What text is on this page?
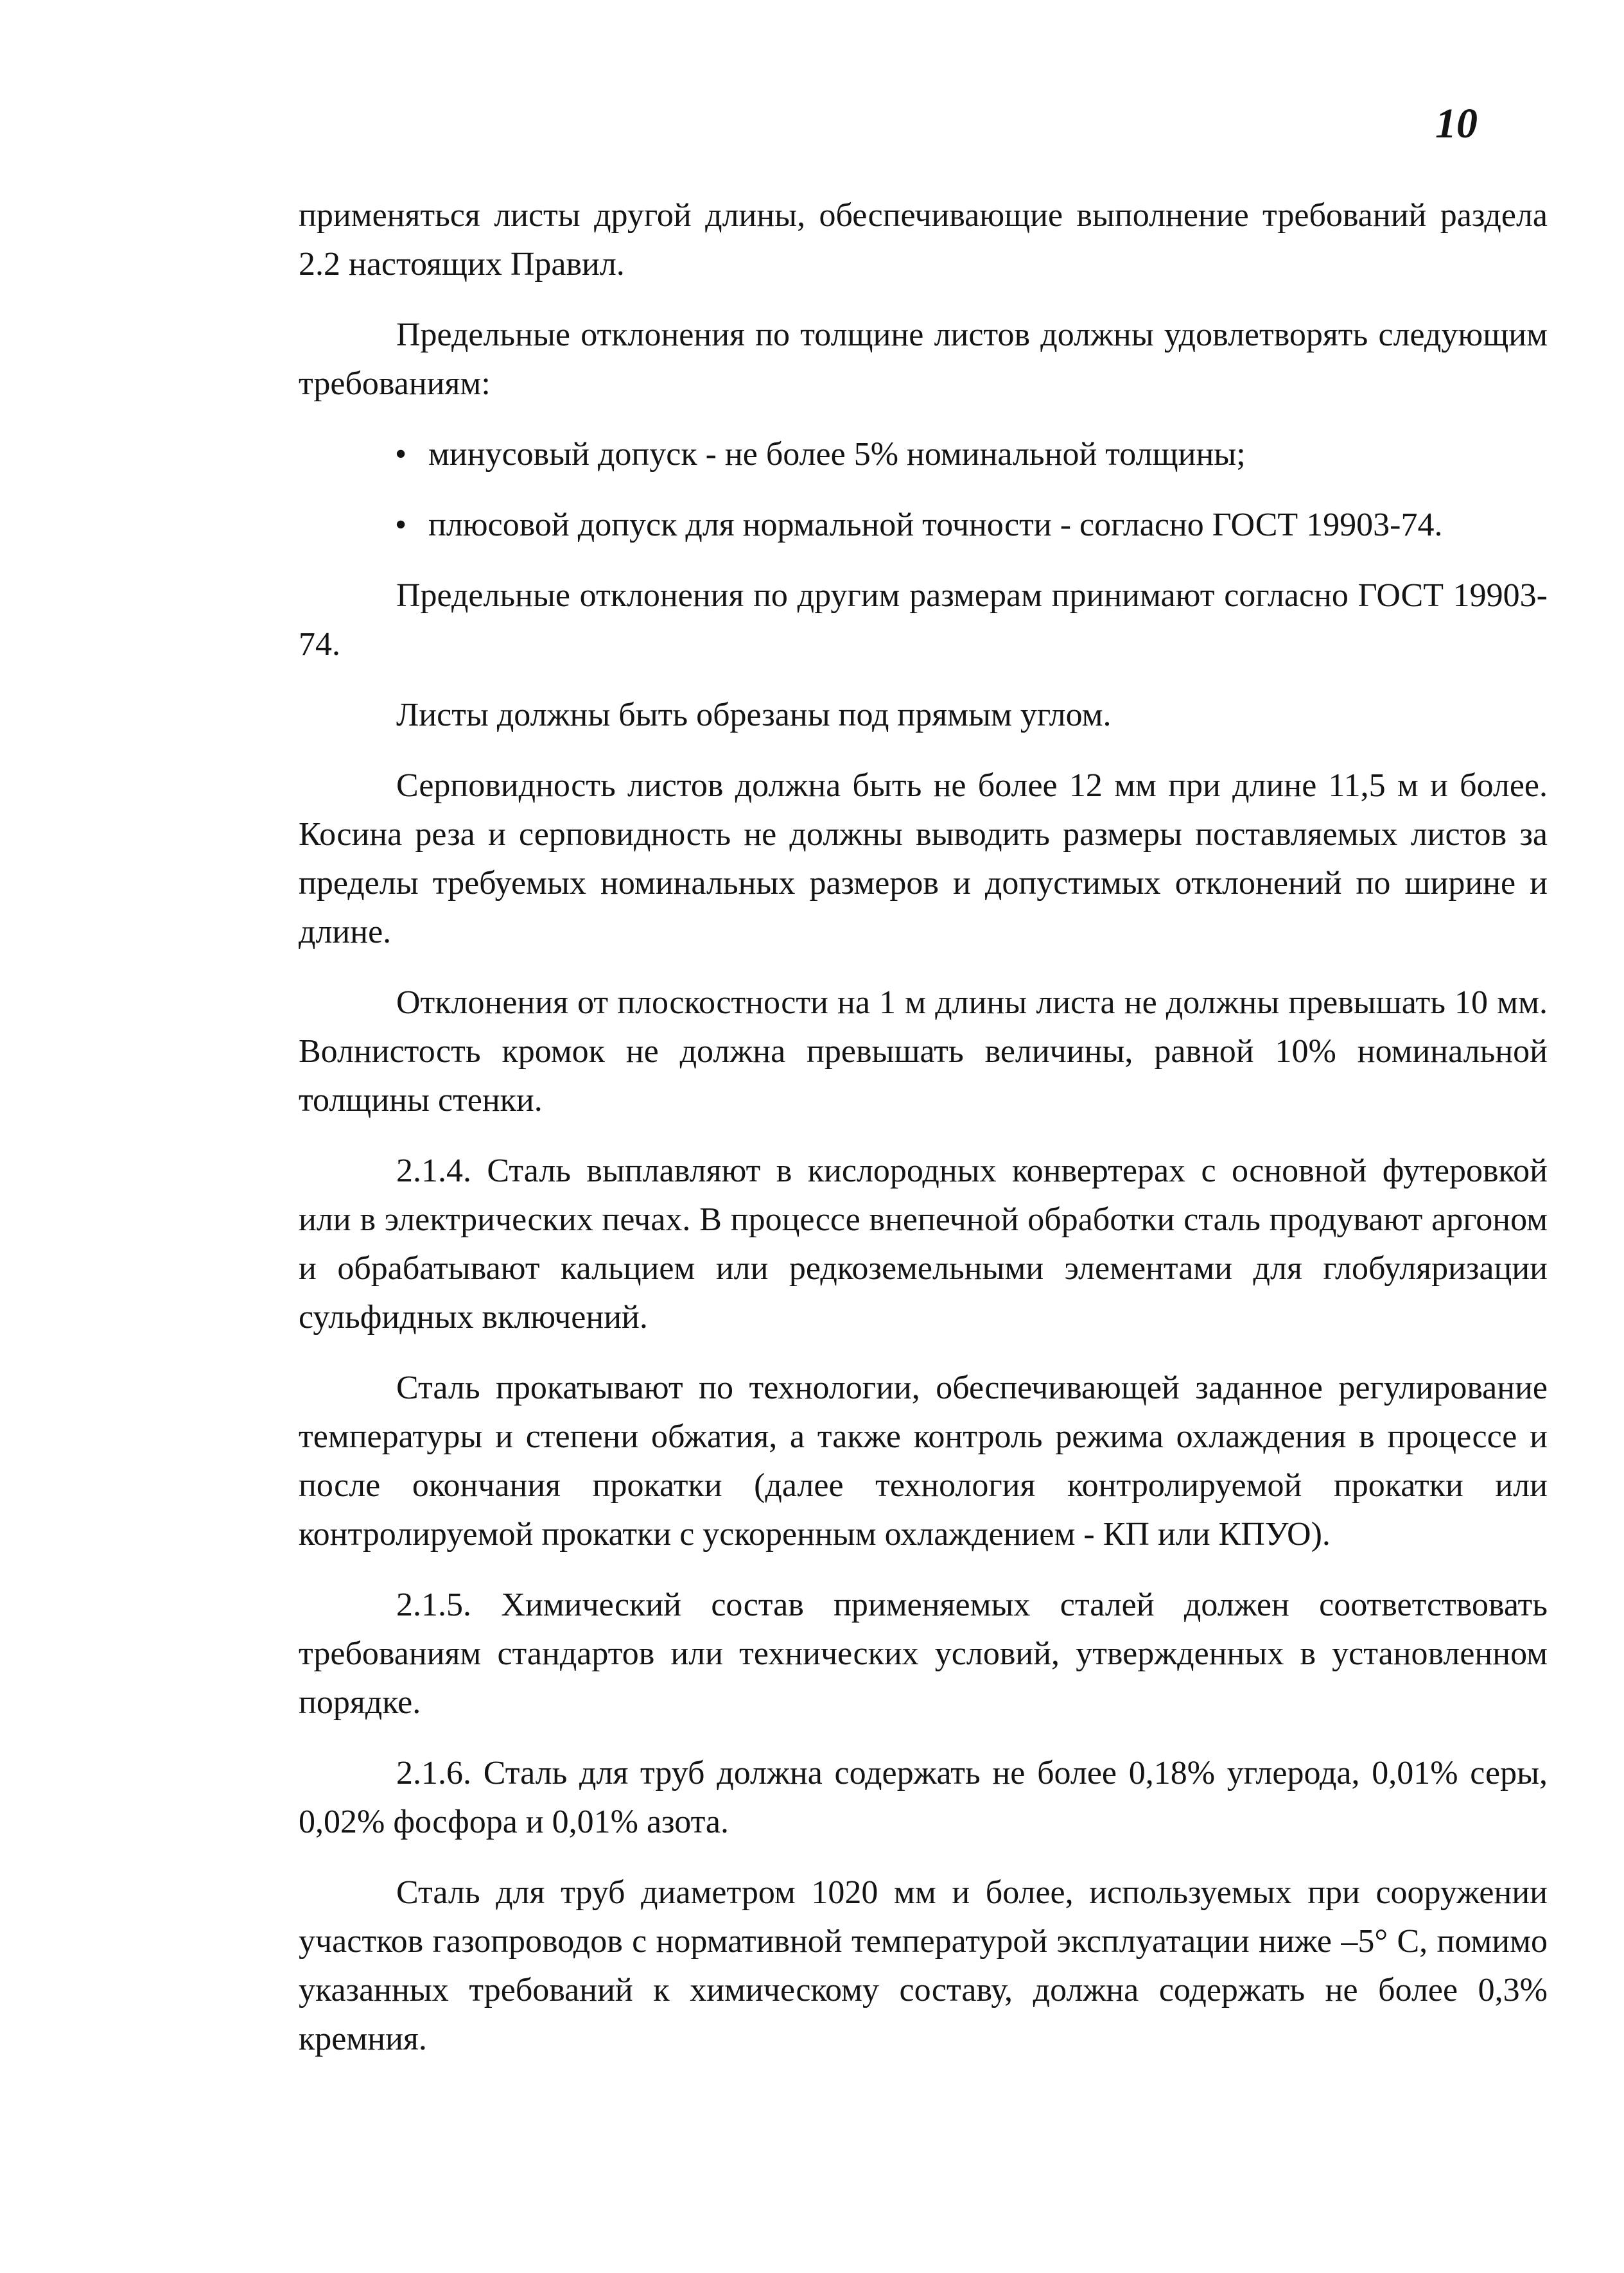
10

применяться листы другой длины, обеспечивающие выполнение требований раздела 2.2 настоящих Правил.

Предельные отклонения по толщине листов должны удовлетворять следующим требованиям:

• минусовый допуск - не более 5% номинальной толщины;
• плюсовой допуск для нормальной точности - согласно ГОСТ 19903-74.

Предельные отклонения по другим размерам принимают согласно ГОСТ 19903-74.

Листы должны быть обрезаны под прямым углом.

Серповидность листов должна быть не более 12 мм при длине 11,5 м и более. Косина реза и серповидность не должны выводить размеры поставляемых листов за пределы требуемых номинальных размеров и допустимых отклонений по ширине и длине.

Отклонения от плоскостности на 1 м длины листа не должны превышать 10 мм. Волнистость кромок не должна превышать величины, равной 10% номинальной толщины стенки.

2.1.4. Сталь выплавляют в кислородных конвертерах с основной футеровкой или в электрических печах. В процессе внепечной обработки сталь продувают аргоном и обрабатывают кальцием или редкоземельными элементами для глобуляризации сульфидных включений.

Сталь прокатывают по технологии, обеспечивающей заданное регулирование температуры и степени обжатия, а также контроль режима охлаждения в процессе и после окончания прокатки (далее технология контролируемой прокатки или контролируемой прокатки с ускоренным охлаждением - КП или КПУО).

2.1.5. Химический состав применяемых сталей должен соответствовать требованиям стандартов или технических условий, утвержденных в установленном порядке.

2.1.6. Сталь для труб должна содержать не более 0,18% углерода, 0,01% серы, 0,02% фосфора и 0,01% азота.

Сталь для труб диаметром 1020 мм и более, используемых при сооружении участков газопроводов с нормативной температурой эксплуатации ниже –5° С, помимо указанных требований к химическому составу, должна содержать не более 0,3% кремния.
